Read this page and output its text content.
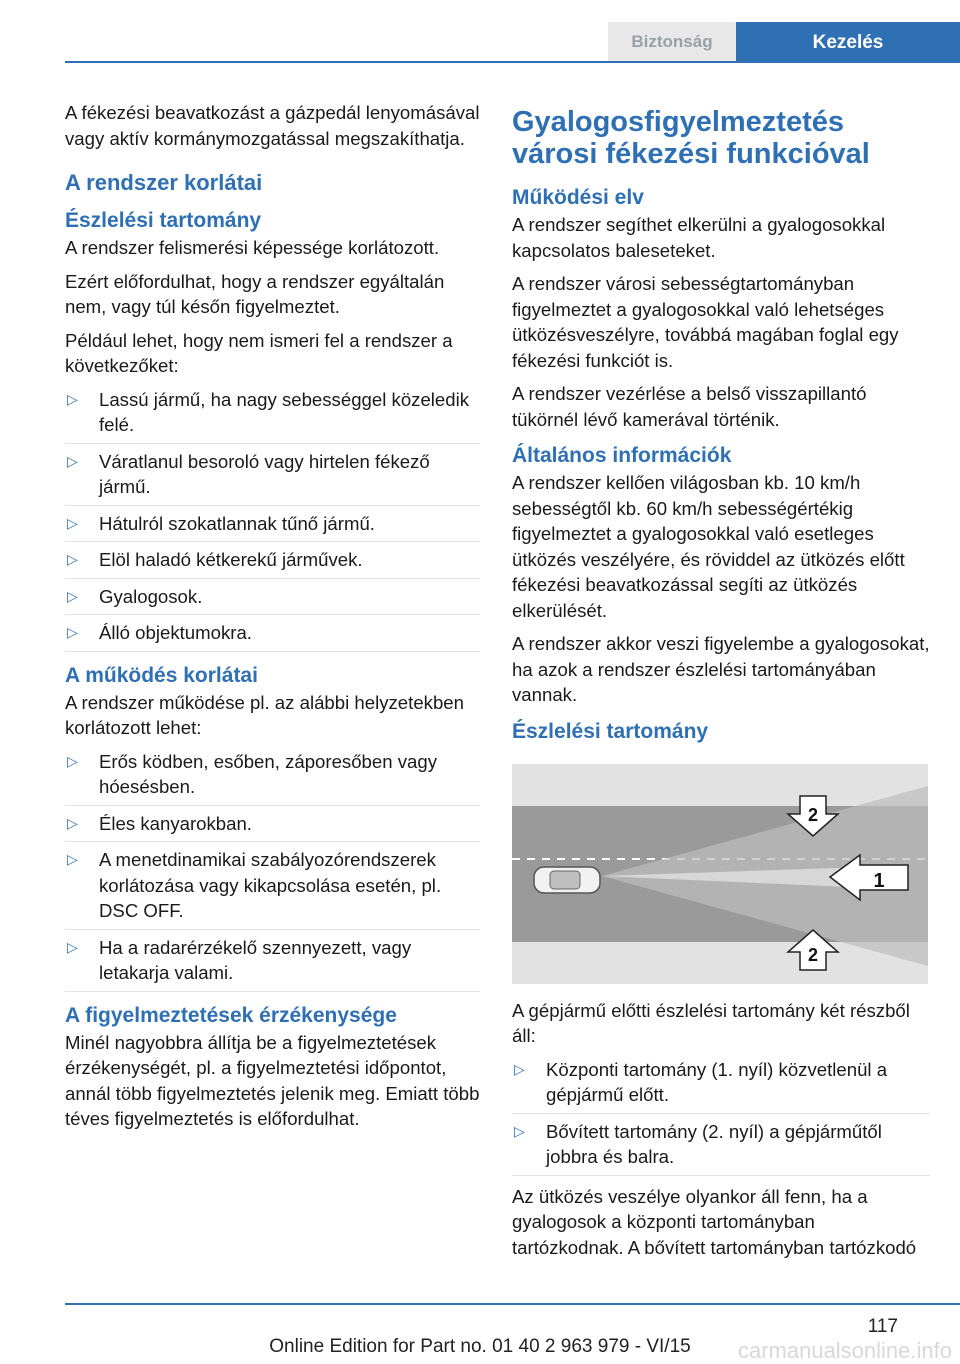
Biztonság	Kezelés

A fékezési beavatkozást a gázpedál lenyomásával vagy aktív kormánymozgatással megszakíthatja.

A rendszer korlátai
Észlelési tartomány

A rendszer felismerési képessége korlátozott.

Ezért előfordulhat, hogy a rendszer egyáltalán nem, vagy túl későn figyelmeztet.

Például lehet, hogy nem ismeri fel a rendszer a következőket:

▷ Lassú jármű, ha nagy sebességgel közeledik felé.
▷ Váratlanul besoroló vagy hirtelen fékező jármű.
▷ Hátulról szokatlannak tűnő jármű.
▷ Elöl haladó kétkerekű járművek.
▷ Gyalogosok.
▷ Álló objektumokra.
A működés korlátai

A rendszer működése pl. az alábbi helyzetekben korlátozott lehet:

▷ Erős ködben, esőben, záporesőben vagy hóesésben.
▷ Éles kanyarokban.
▷ A menetdinamikai szabályozórendszerek korlátozása vagy kikapcsolása esetén, pl. DSC OFF.
▷ Ha a radarérzékelő szennyezett, vagy letakarja valami.
A figyelmeztetések érzékenysége

Minél nagyobbra állítja be a figyelmeztetések érzékenységét, pl. a figyelmeztetési időpontot, annál több figyelmeztetés jelenik meg. Emiatt több téves figyelmeztetés is előfordulhat.

Gyalogosfigyelmeztetés városi fékezési funkcióval
Működési elv

A rendszer segíthet elkerülni a gyalogosokkal kapcsolatos baleseteket.

A rendszer városi sebességtartományban figyelmeztet a gyalogosokkal való lehetséges ütközésveszélyre, továbbá magában foglal egy fékezési funkciót is.

A rendszer vezérlése a belső visszapillantó tükörnél lévő kamerával történik.

Általános információk

A rendszer kellően világosban kb. 10 km/h sebességtől kb. 60 km/h sebességértékig figyelmeztet a gyalogosokkal való esetleges ütközés veszélyére, és röviddel az ütközés előtt fékezési beavatkozással segíti az ütközés elkerülését.

A rendszer akkor veszi figyelembe a gyalogosokat, ha azok a rendszer észlelési tartományában vannak.

Észlelési tartomány
1
2
2

A gépjármű előtti észlelési tartomány két részből áll:

▷ Központi tartomány (1. nyíl) közvetlenül a gépjármű előtt.
▷ Bővített tartomány (2. nyíl) a gépjárműtől jobbra és balra.

Az ütközés veszélye olyankor áll fenn, ha a gyalogosok a központi tartományban tartózkodnak. A bővített tartományban tartózkodó

117
Online Edition for Part no. 01 40 2 963 979 - VI/15	carmanualsonline.info
